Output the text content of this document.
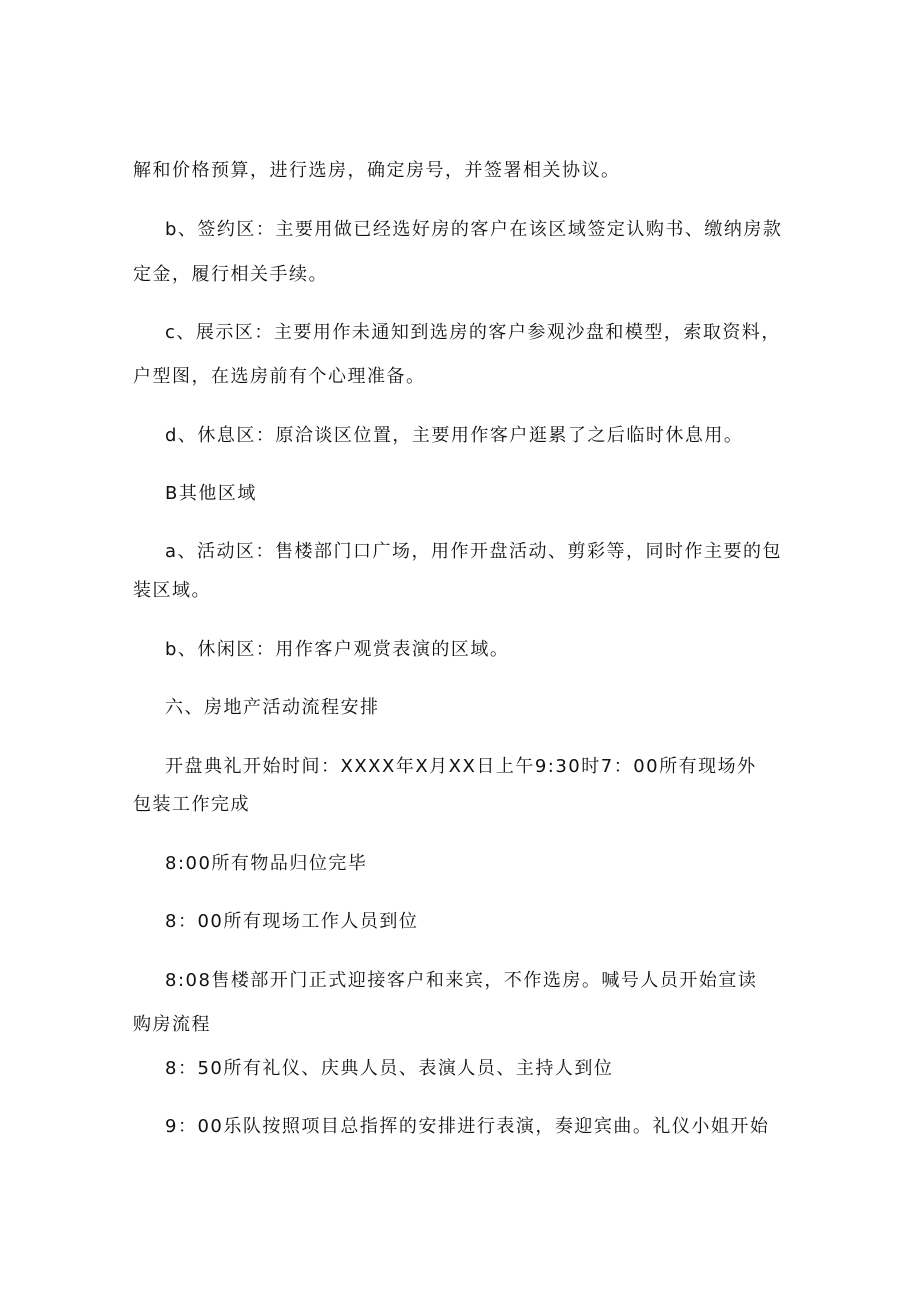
解和价格预算，进行选房，确定房号，并签署相关协议。
b、签约区：主要用做已经选好房的客户在该区域签定认购书、缴纳房款
定金，履行相关手续。
c、展示区：主要用作未通知到选房的客户参观沙盘和模型，索取资料，
户型图，在选房前有个心理准备。
d、休息区：原洽谈区位置，主要用作客户逛累了之后临时休息用。
B其他区域
a、活动区：售楼部门口广场，用作开盘活动、剪彩等，同时作主要的包
装区域。
b、休闲区：用作客户观赏表演的区域。
六、房地产活动流程安排
开盘典礼开始时间：XXXX年X月XX日上午9:30时7：00所有现场外
包装工作完成
8:00所有物品归位完毕
8：00所有现场工作人员到位
8:08售楼部开门正式迎接客户和来宾，不作选房。喊号人员开始宣读
购房流程
8：50所有礼仪、庆典人员、表演人员、主持人到位
9：00乐队按照项目总指挥的安排进行表演，奏迎宾曲。礼仪小姐开始
